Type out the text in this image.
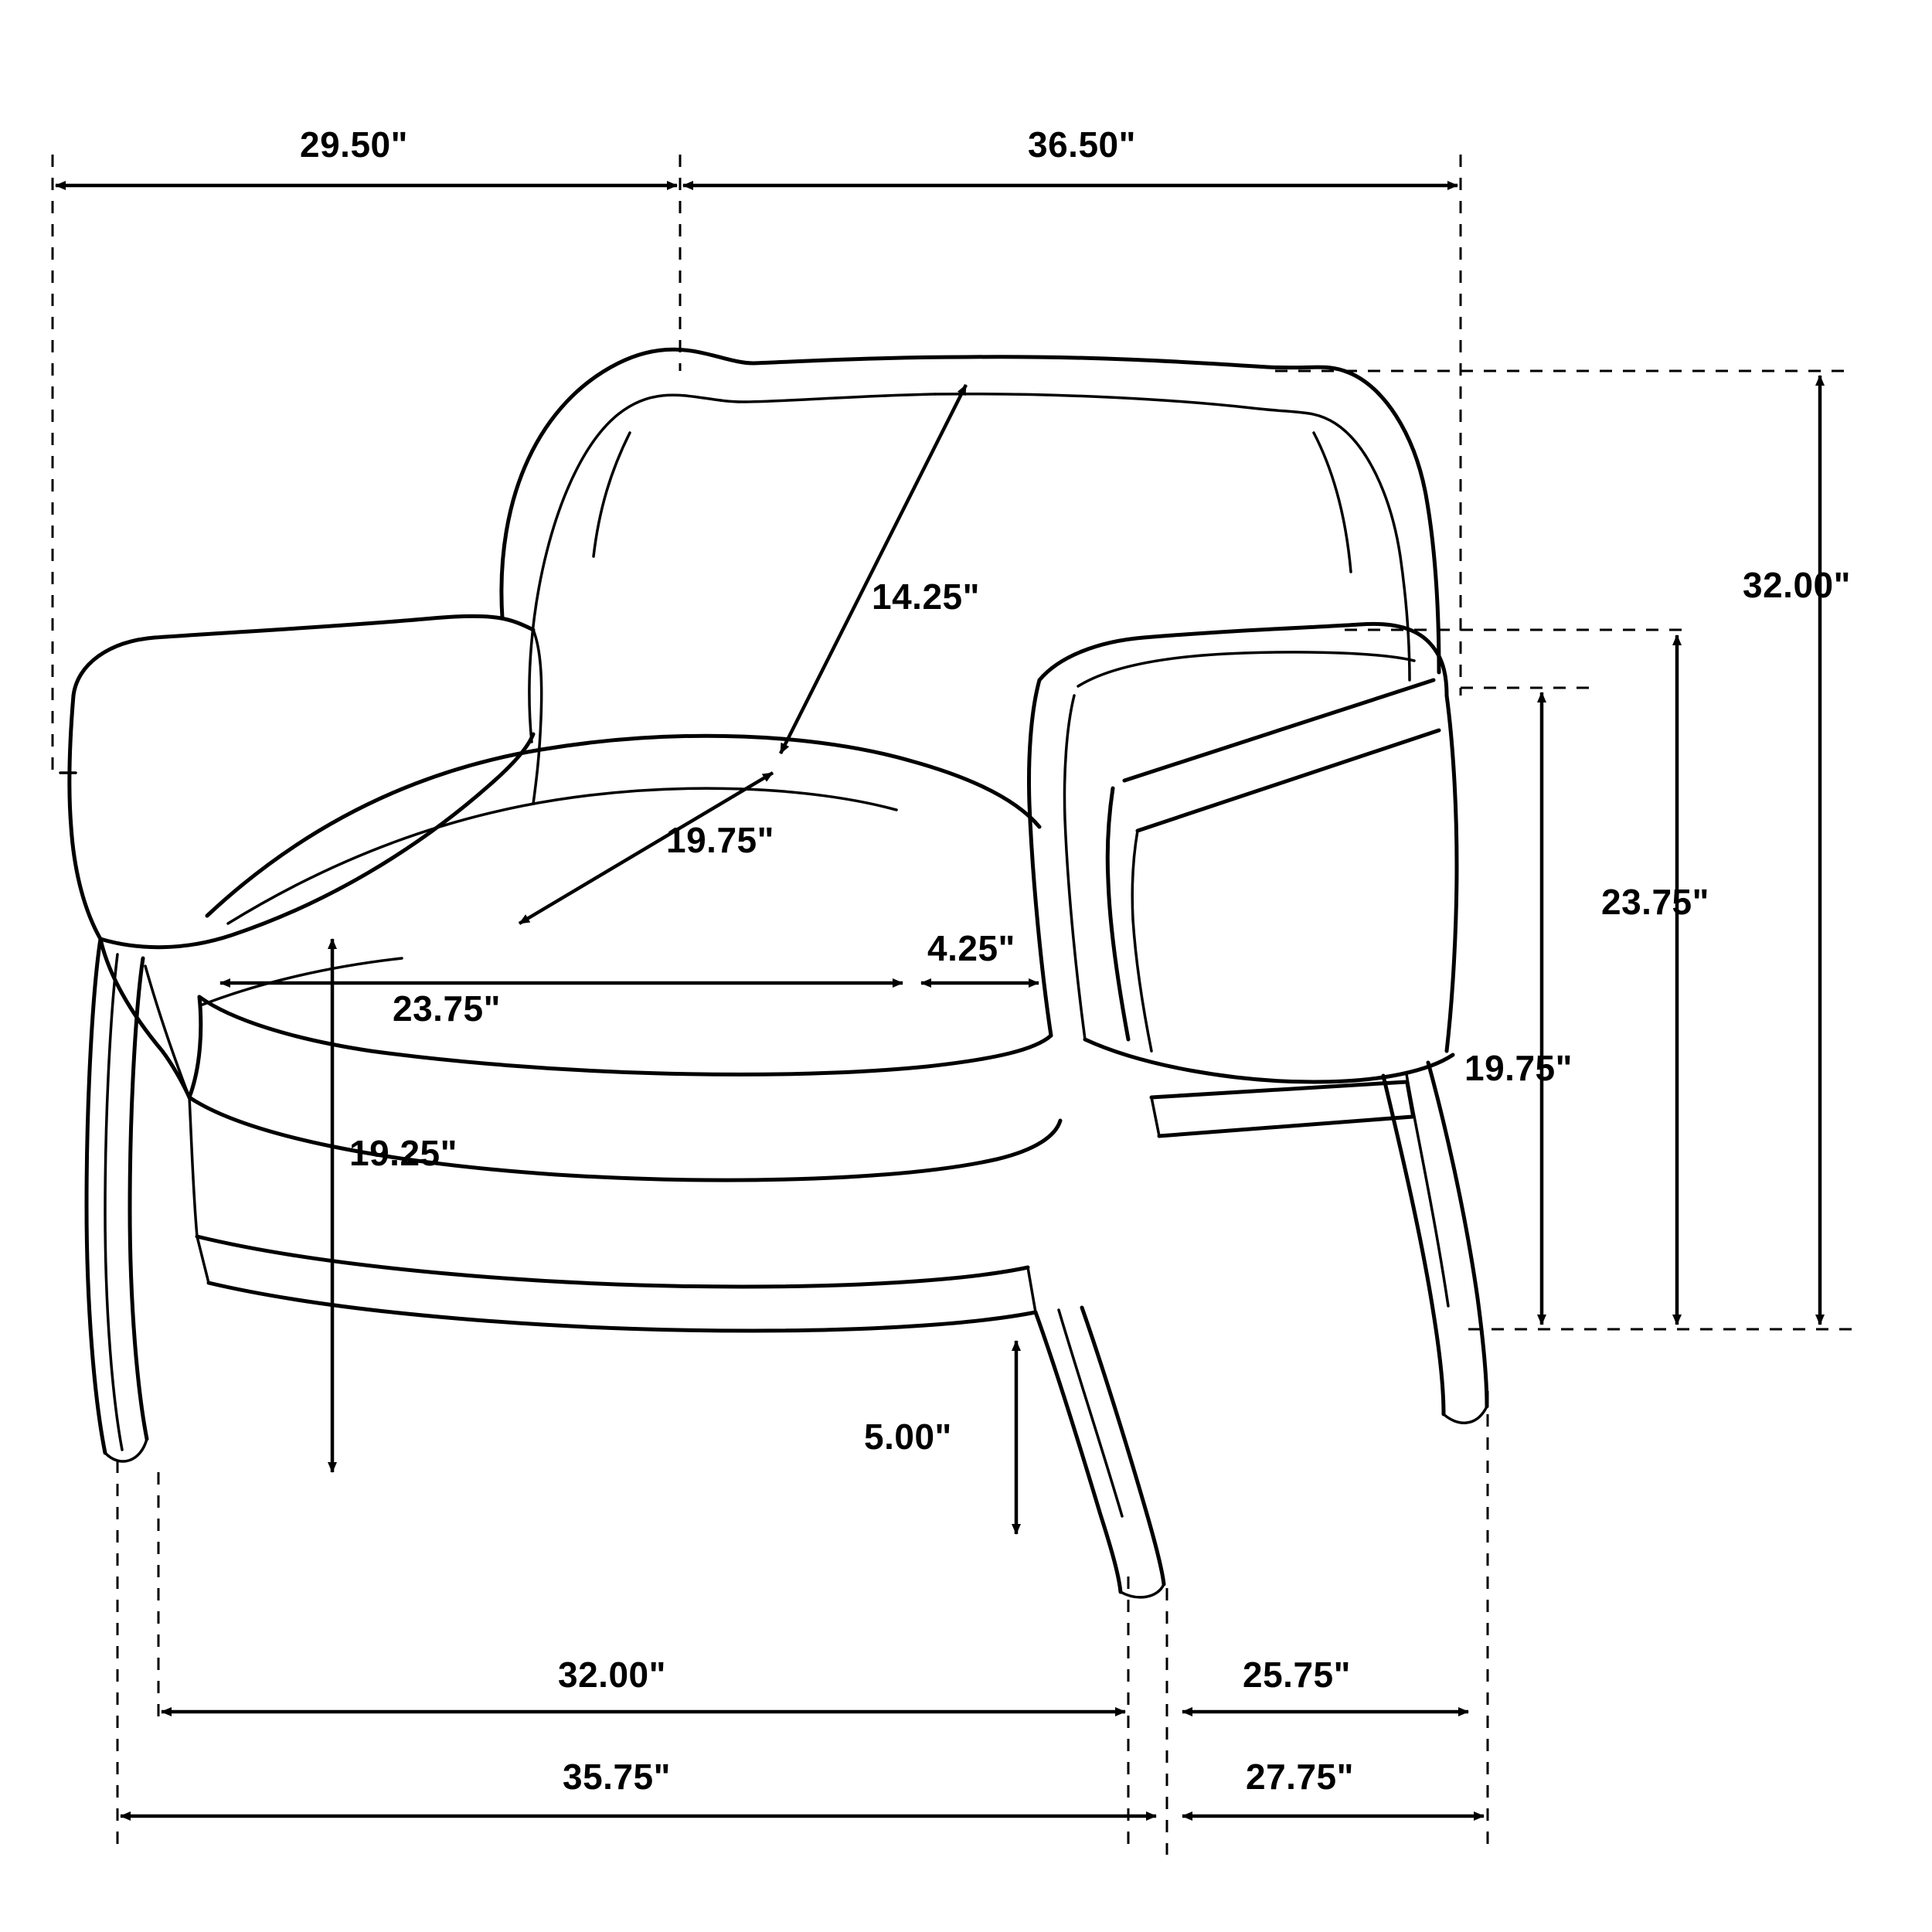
29.50"	36.50"
32.00"
23.75"
19.75"
14.25"
19.75"
23.75"
4.25"
19.25"
5.00"
32.00"
35.75"
25.75"
27.75"
